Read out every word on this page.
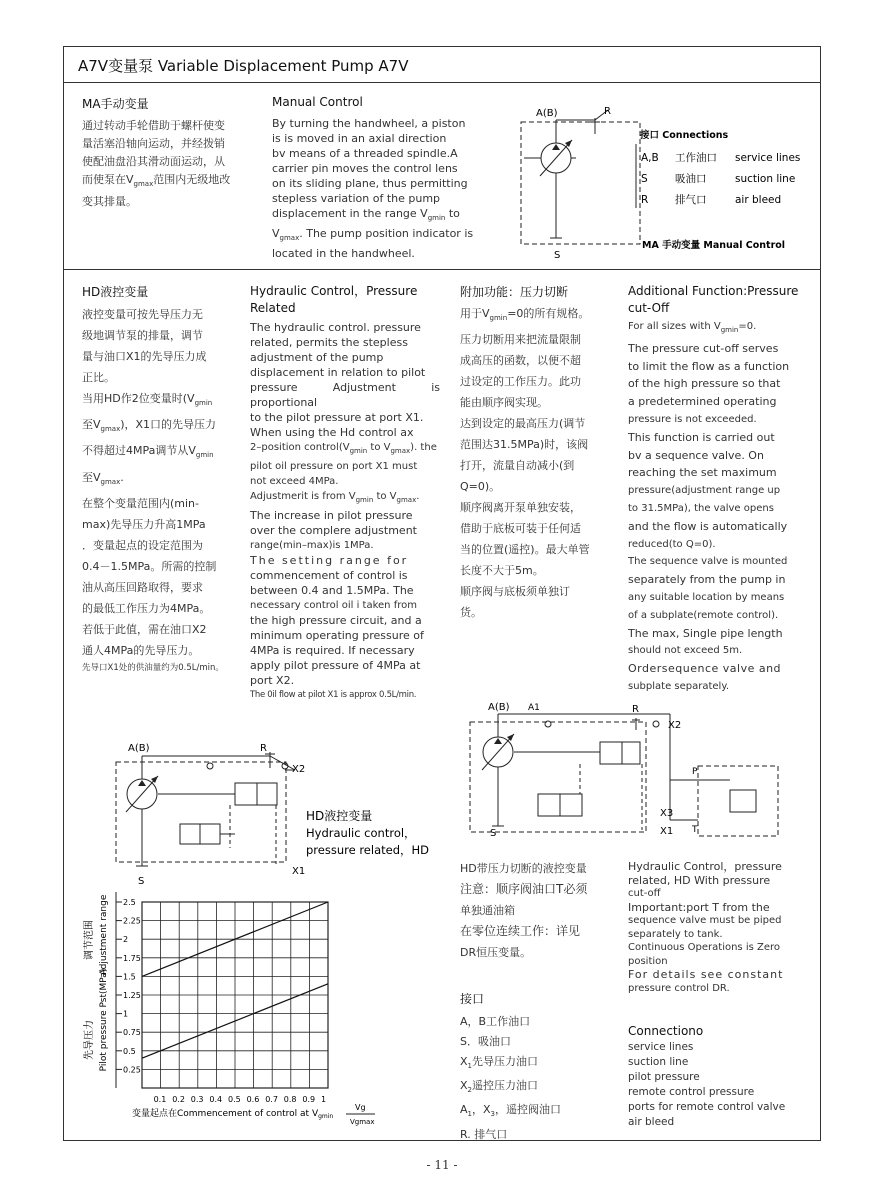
A7V变量泵 Variable Displacement Pump A7V
MA手动变量
通过转动手轮借助于螺杆使变
量活塞沿轴向运动，并经拨销
使配油盘沿其滑动面运动，从
而使泵在$V_{gmax}$范围内无级地改
变其排量。
Manual Control
By turning the handwheel, a piston
is is moved in an axial direction
bv means of a threaded spindle.A
carrier pin moves the control lens
on its sliding plane, thus permitting
stepless variation of the pump
displacement in the range $V_{gmin}$ to
$V_{gmax}$. The pump position indicator is
located in the handwheel.
A(B)	R
S
接口 Connections
A,B 工作油口 service lines
S	吸油口	suction line
R	排气口	air bleed
MA 手动变量 Manual Control
HD液控变量
液控变量可按先导压力无
级地调节泵的排量，调节
量与油口X1的先导压力成
正比。
当用HD作2位变量时($V_{gmin}$
至$V_{gmax}$)，X1口的先导压力
不得超过4MPa调节从$V_{gmin}$
至$V_{gmax}$.
在整个变量范围内(min-
max)先导压力升高1MPa
．变量起点的设定范围为
0.4－1.5MPa。所需的控制
油从高压回路取得，要求
的最低工作压力为4MPa。
若低于此值，需在油口X2
通人4MPa的先导压力。
先导口X1处的供油量约为0.5L/min。
Hydraulic Control，Pressure
Related
The hydraulic control. pressure
related, permits the stepless
adjustment of the pump
displacement in relation to pilot
pressure Adjustment is proportional
to the pilot pressure at port X1.
When using the Hd control ax
2–position $control(V_{gmin}$ to $V_{gmax}$). the
pilot oil pressure on port X1 must
not exceed 4MPa.
Adjustmerit is from $V_{gmin}$ to $V_{gmax}$.
The increase in pilot pressure
over the complere adjustment
range(min–max)is 1MPa.
The setting range for
commencement of control is
between 0.4 and 1.5MPa. The
necessary control oil i taken from
the high pressure circuit, and a
minimum operating pressure of
4MPa is required. If necessary
apply pilot pressure of 4MPa at
port X2.
The 0il flow at pilot X1 is approx 0.5L/min.
附加功能：压力切断
用于$V_{gmin}=0$的所有规格。
压力切断用来把流量限制
成高压的函数，以便不超
过设定的工作压力。此功
能由顺序阀实现。
达到设定的最高压力(调节
范围达31.5MPa)时，该阀
打开，流量自动减小(到
Q=0)。
顺序阀离开泵单独安装，
借助于底板可装于任何适
当的位置(遥控)。最大单管
长度不大于5m。
顺序阀与底板须单独订
货。
Additional Function:Pressure
cut-Off
For all sizes with $V_{gmin}=0$.
The pressure cut-off serves
to limit the flow as a function
of the high pressure so that
a predetermined operating
pressure is not exceeded.
This function is carried out
bv a sequence valve. On
reaching the set maximum
pressure(adjustment range up
to 31.5MPa), the valve opens
and the flow is automatically
reduced(to Q=0).
The sequence valve is mounted
separately from the pump in
any suitable location by means
of a subplate(remote control).
The max, Single pipe length
should not exceed 5m.
Ordersequence valve and
subplate separately.
A(B)	R
X2
X1
S
HD液控变量
Hydraulic control，
pressure related，HD
调节范围 Adjustment range
先导压力 Pilot pressure Pst(MPa)
2.5
2.25
2
1.75
1.5
1.25
1
0.75
0.5
0.25
0.1 0.2 0.3 0.4 0.5 0.6 0.7 0.8 0.9 1
变量起点在Commencement of control at $V_{gmin}$
Vg
Vgmax
A(B) A1	R
X2
X3
X1
S
P
T
HD带压力切断的液控变量
注意：顺序阀油口T必须
单独通油箱
在零位连续工作：详见
DR恒压变量。
Hydraulic Control，pressure
related, HD With pressure
cut-off
Important:port T from the
sequence valve must be piped
separately to tank.
Continuous Operations is Zero
position
For details see constant
pressure control DR.
接口
A，B工作油口
S．吸油口
$X_1$先导压力油口
$X_2$遥控压力油口
$A_1$，$X_3$，遥控阀油口
R. 排气口
Connectiono
service lines
suction line
pilot pressure
remote control pressure
ports for remote control valve
air bleed
- 11 -
